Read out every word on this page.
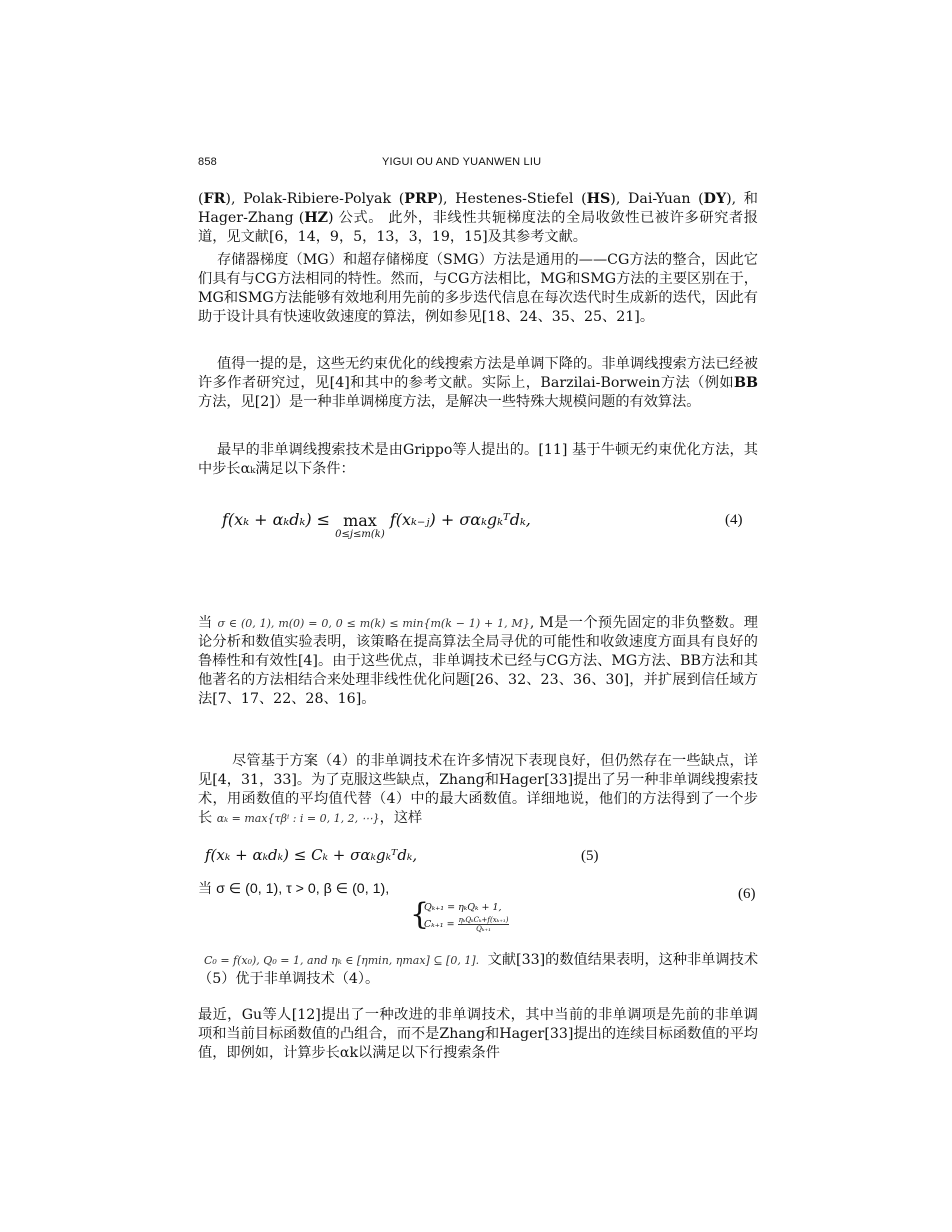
858	YIGUI OU AND YUANWEN LIU
(FR), Polak-Ribiere-Polyak (PRP), Hestenes-Stiefel (HS), Dai-Yuan (DY), 和 Hager-Zhang (HZ) 公式。 此外，非线性共轭梯度法的全局收敛性已被许多研究者报道，见文献[6，14，9，5，13，3，19，15]及其参考文献。
存储器梯度（MG）和超存储梯度（SMG）方法是通用的——CG方法的整合，因此它们具有与CG方法相同的特性。然而，与CG方法相比，MG和SMG方法的主要区别在于，MG和SMG方法能够有效地利用先前的多步迭代信息在每次迭代时生成新的迭代，因此有助于设计具有快速收敛速度的算法，例如参见[18、24、35、25、21]。
值得一提的是，这些无约束优化的线搜索方法是单调下降的。非单调线搜索方法已经被许多作者研究过，见[4]和其中的参考文献。实际上，Barzilai-Borwein方法（例如BB方法，见[2]）是一种非单调梯度方法，是解决一些特殊大规模问题的有效算法。
最早的非单调线搜索技术是由Grippo等人提出的。[11] 基于牛顿无约束优化方法，其中步长αₖ满足以下条件：
f(xₖ + αₖdₖ) ≤ max
0≤j≤m(k)
f(xₖ₋ⱼ) + σαₖgₖᵀdₖ,	(4)
当 σ ∈ (0, 1), m(0) = 0, 0 ≤ m(k) ≤ min{m(k − 1) + 1, M}, M是一个预先固定的非负整数。理论分析和数值实验表明，该策略在提高算法全局寻优的可能性和收敛速度方面具有良好的鲁棒性和有效性[4]。由于这些优点，非单调技术已经与CG方法、MG方法、BB方法和其他著名的方法相结合来处理非线性优化问题[26、32、23、36、30]，并扩展到信任域方法[7、17、22、28、16]。
尽管基于方案（4）的非单调技术在许多情况下表现良好，但仍然存在一些缺点，详见[4，31，33]。为了克服这些缺点，Zhang和Hager[33]提出了另一种非单调线搜索技术，用函数值的平均值代替（4）中的最大函数值。详细地说，他们的方法得到了一个步长 αₖ = max{τβⁱ : i = 0, 1, 2, ⋯}，这样
f(xₖ + αₖdₖ) ≤ Cₖ + σαₖgₖᵀdₖ,	(5)
当 σ ∈ (0, 1), τ > 0, β ∈ (0, 1),	(6)
{
Qₖ₊₁ = ηₖQₖ + 1,
Cₖ₊₁ = ηₖQₖCₖ+f(xₖ₊₁)
Qₖ₊₁
C₀ = f(x₀), Q₀ = 1, and ηₖ ∈ [ηmin, ηmax] ⊆ [0, 1]. 文献[33]的数值结果表明，这种非单调技术（5）优于非单调技术（4）。
最近，Gu等人[12]提出了一种改进的非单调技术，其中当前的非单调项是先前的非单调项和当前目标函数值的凸组合，而不是Zhang和Hager[33]提出的连续目标函数值的平均值，即例如，计算步长αk以满足以下行搜索条件
